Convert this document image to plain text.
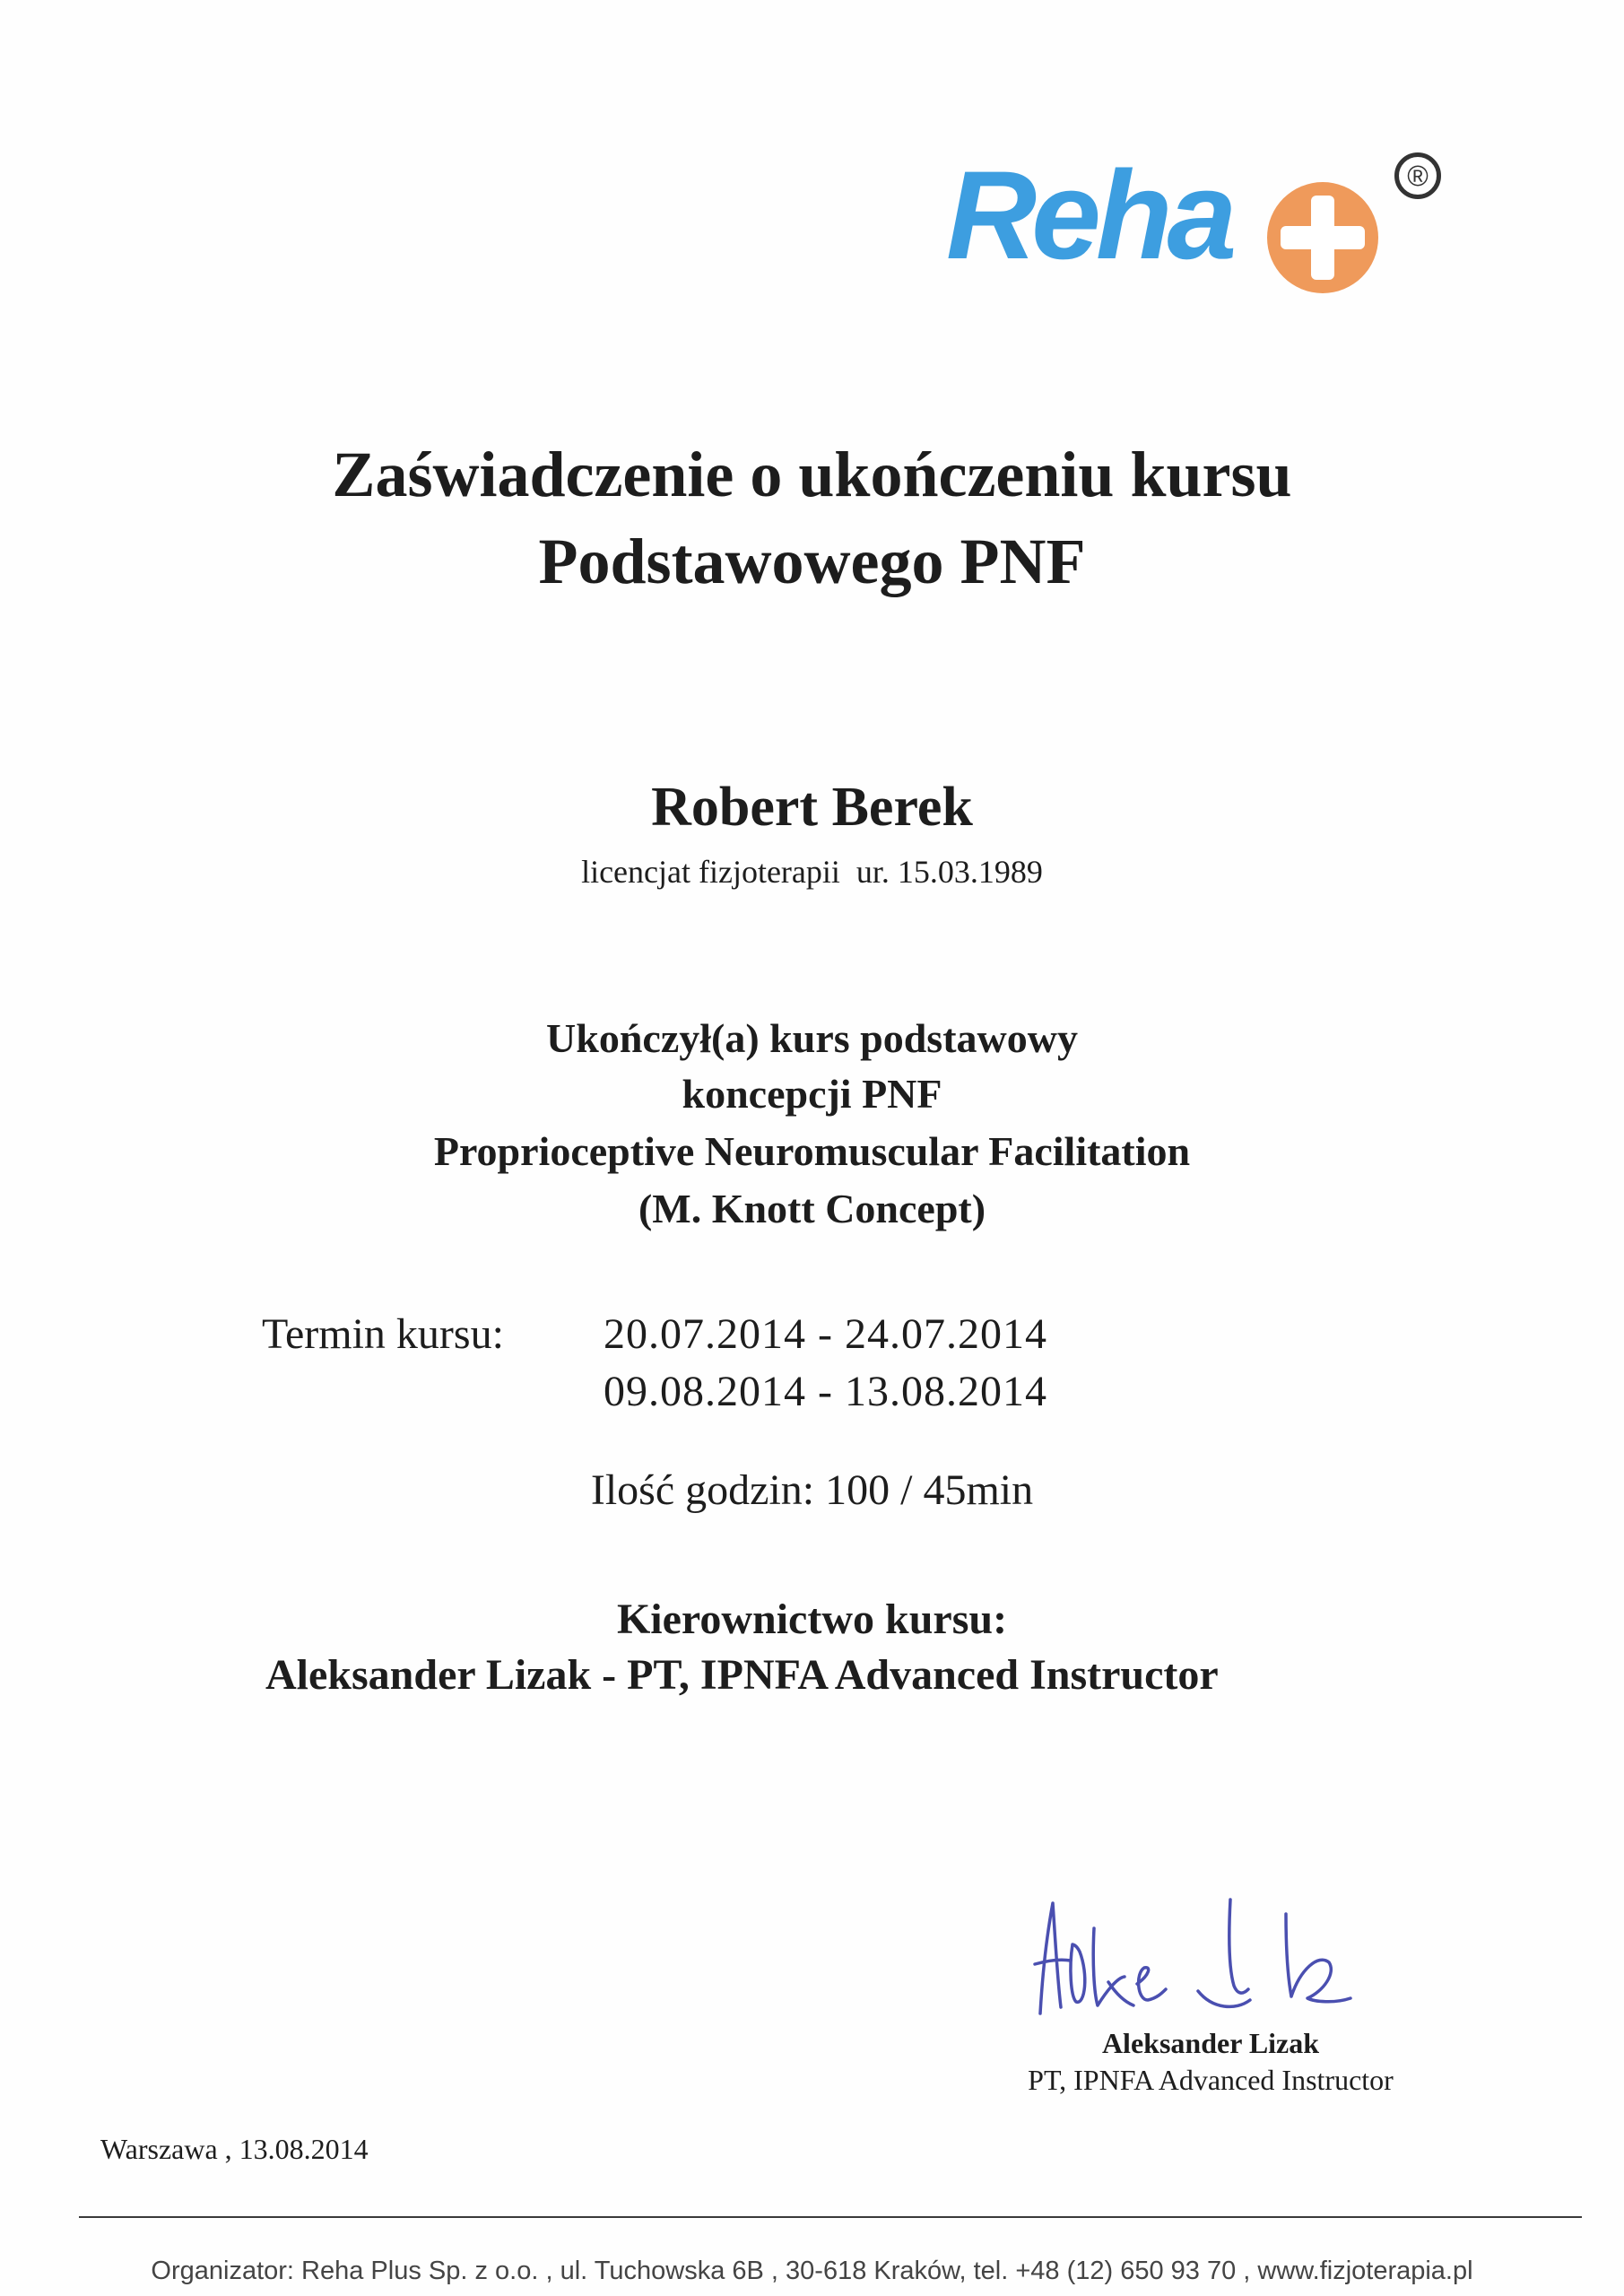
Reha	®
Zaświadczenie o ukończeniu kursu
Podstawowego PNF
Robert Berek
licencjat fizjoterapii  ur. 15.03.1989
Ukończył(a) kurs podstawowy
koncepcji PNF
Proprioceptive Neuromuscular Facilitation
(M. Knott Concept)
Termin kursu: 20.07.2014 - 24.07.2014
09.08.2014 - 13.08.2014
Ilość godzin: 100 / 45min
Kierownictwo kursu:
Aleksander Lizak - PT, IPNFA Advanced Instructor
Aleksander Lizak
PT, IPNFA Advanced Instructor
Warszawa , 13.08.2014
Organizator: Reha Plus Sp. z o.o. , ul. Tuchowska 6B , 30-618 Kraków, tel. +48 (12) 650 93 70 , www.fizjoterapia.pl
